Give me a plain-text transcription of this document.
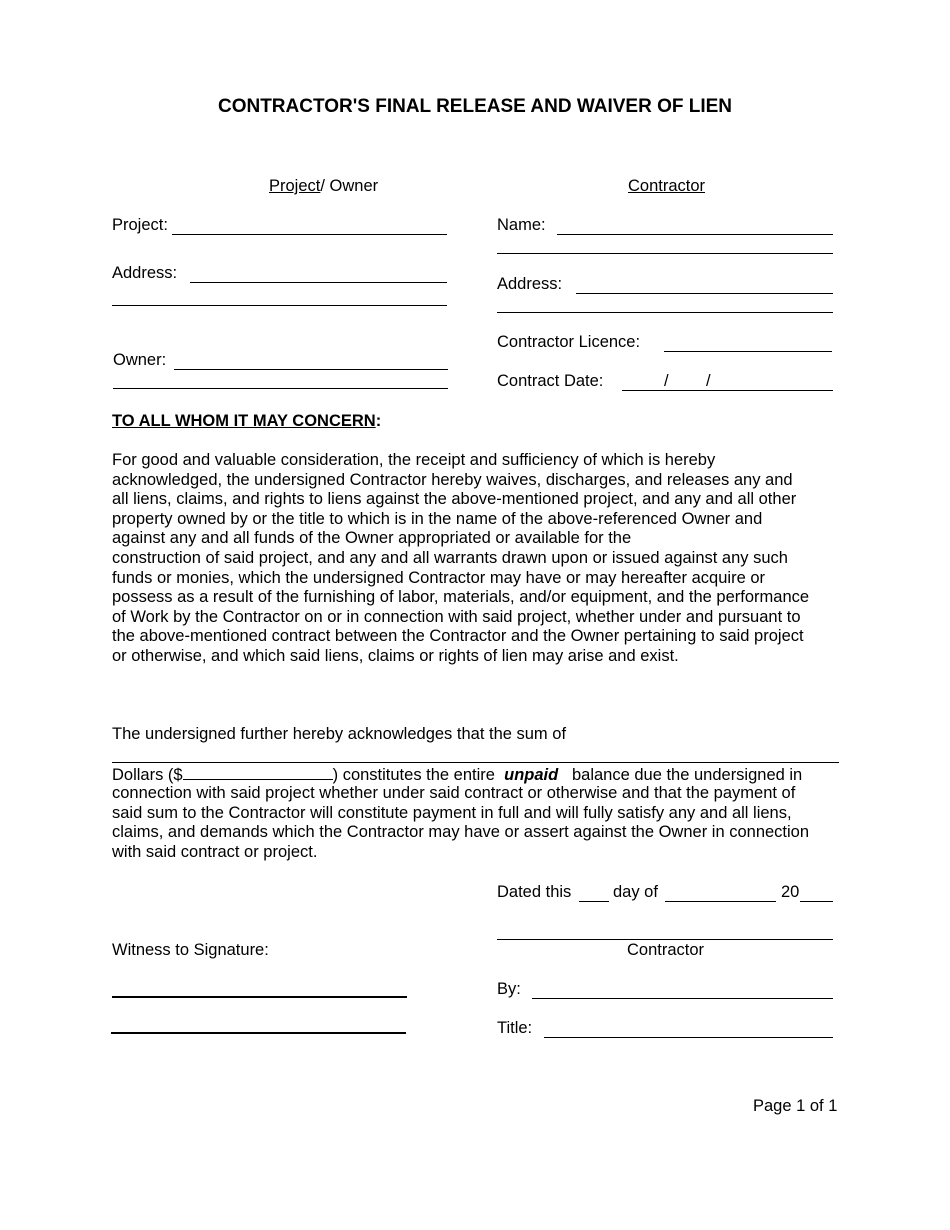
CONTRACTOR'S FINAL RELEASE AND WAIVER OF LIEN
Project/ Owner
Project:
Address:
Owner:
Contractor
Name:
Address:
Contractor Licence:
Contract Date:	/ /
TO ALL WHOM IT MAY CONCERN:
For good and valuable consideration, the receipt and sufficiency of which is hereby
acknowledged, the undersigned Contractor hereby waives, discharges, and releases any and
all liens, claims, and rights to liens against the above-mentioned project, and any and all other
property owned by or the title to which is in the name of the above-referenced Owner and
against any and all funds of the Owner appropriated or available for the
construction of said project, and any and all warrants drawn upon or issued against any such
funds or monies, which the undersigned Contractor may have or may hereafter acquire or
possess as a result of the furnishing of labor, materials, and/or equipment, and the performance
of Work by the Contractor on or in connection with said project, whether under and pursuant to
the above-mentioned contract between the Contractor and the Owner pertaining to said project
or otherwise, and which said liens, claims or rights of lien may arise and exist.
The undersigned further hereby acknowledges that the sum of
Dollars ($	) constitutes the entire unpaid balance due the undersigned in
connection with said project whether under said contract or otherwise and that the payment of
said sum to the Contractor will constitute payment in full and will fully satisfy any and all liens,
claims, and demands which the Contractor may have or assert against the Owner in connection
with said contract or project.
Dated this	day of	20
Contractor
Witness to Signature:
By:
Title:
Page 1 of 1
